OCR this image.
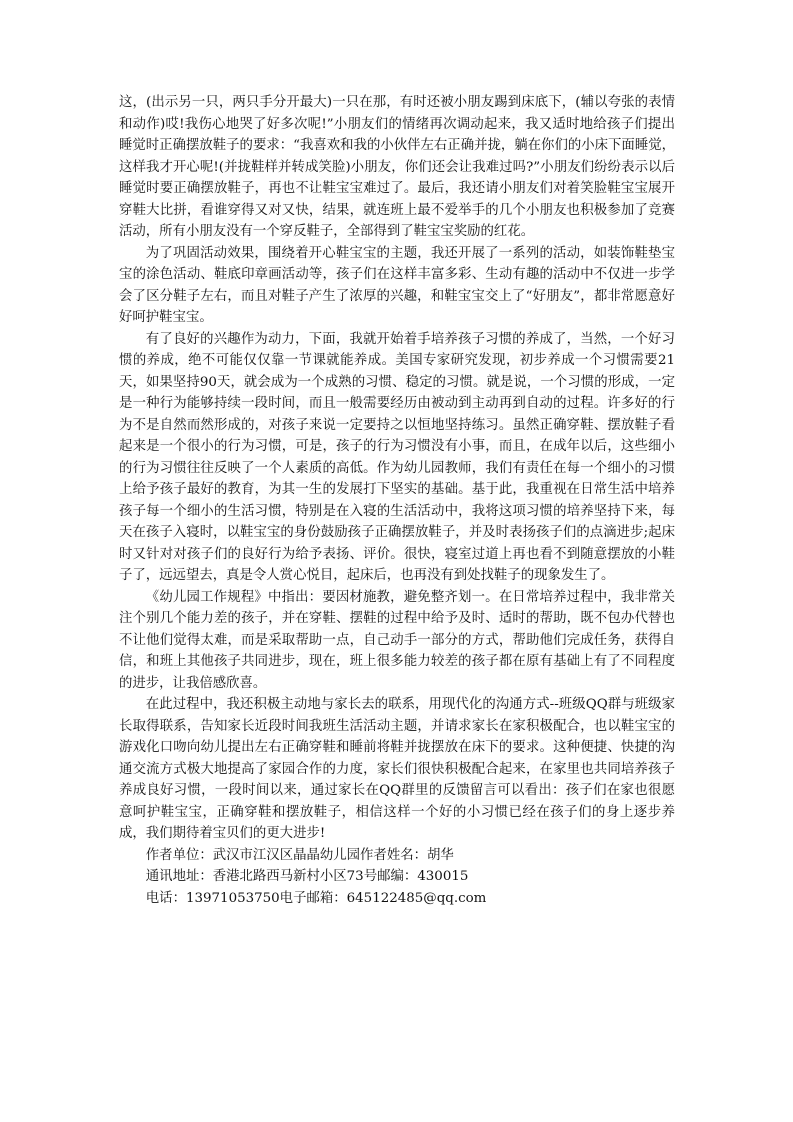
这，(出示另一只，两只手分开最大)一只在那，有时还被小朋友踢到床底下，(辅以夸张的表情和动作)哎!我伤心地哭了好多次呢!”小朋友们的情绪再次调动起来，我又适时地给孩子们提出睡觉时正确摆放鞋子的要求：“我喜欢和我的小伙伴左右正确并拢，躺在你们的小床下面睡觉，这样我才开心呢!(并拢鞋样并转成笑脸)小朋友，你们还会让我难过吗?”小朋友们纷纷表示以后睡觉时要正确摆放鞋子，再也不让鞋宝宝难过了。最后，我还请小朋友们对着笑脸鞋宝宝展开穿鞋大比拼，看谁穿得又对又快，结果，就连班上最不爱举手的几个小朋友也积极参加了竞赛活动，所有小朋友没有一个穿反鞋子，全部得到了鞋宝宝奖励的红花。

为了巩固活动效果，围绕着开心鞋宝宝的主题，我还开展了一系列的活动，如装饰鞋垫宝宝的涂色活动、鞋底印章画活动等，孩子们在这样丰富多彩、生动有趣的活动中不仅进一步学会了区分鞋子左右，而且对鞋子产生了浓厚的兴趣，和鞋宝宝交上了“好朋友”，都非常愿意好好呵护鞋宝宝。

有了良好的兴趣作为动力，下面，我就开始着手培养孩子习惯的养成了，当然，一个好习惯的养成，绝不可能仅仅靠一节课就能养成。美国专家研究发现，初步养成一个习惯需要21天，如果坚持90天，就会成为一个成熟的习惯、稳定的习惯。就是说，一个习惯的形成，一定是一种行为能够持续一段时间，而且一般需要经历由被动到主动再到自动的过程。许多好的行为不是自然而然形成的，对孩子来说一定要持之以恒地坚持练习。虽然正确穿鞋、摆放鞋子看起来是一个很小的行为习惯，可是，孩子的行为习惯没有小事，而且，在成年以后，这些细小的行为习惯往往反映了一个人素质的高低。作为幼儿园教师，我们有责任在每一个细小的习惯上给予孩子最好的教育，为其一生的发展打下坚实的基础。基于此，我重视在日常生活中培养孩子每一个细小的生活习惯，特别是在入寝的生活活动中，我将这项习惯的培养坚持下来，每天在孩子入寝时，以鞋宝宝的身份鼓励孩子正确摆放鞋子，并及时表扬孩子们的点滴进步;起床时又针对对孩子们的良好行为给予表扬、评价。很快，寝室过道上再也看不到随意摆放的小鞋子了，远远望去，真是令人赏心悦目，起床后，也再没有到处找鞋子的现象发生了。

《幼儿园工作规程》中指出：要因材施教，避免整齐划一。在日常培养过程中，我非常关注个别几个能力差的孩子，并在穿鞋、摆鞋的过程中给予及时、适时的帮助，既不包办代替也不让他们觉得太难，而是采取帮助一点，自己动手一部分的方式，帮助他们完成任务，获得自信，和班上其他孩子共同进步，现在，班上很多能力较差的孩子都在原有基础上有了不同程度的进步，让我倍感欣喜。

在此过程中，我还积极主动地与家长去的联系，用现代化的沟通方式--班级QQ群与班级家长取得联系，告知家长近段时间我班生活活动主题，并请求家长在家积极配合，也以鞋宝宝的游戏化口吻向幼儿提出左右正确穿鞋和睡前将鞋并拢摆放在床下的要求。这种便捷、快捷的沟通交流方式极大地提高了家园合作的力度，家长们很快积极配合起来，在家里也共同培养孩子养成良好习惯，一段时间以来，通过家长在QQ群里的反馈留言可以看出：孩子们在家也很愿意呵护鞋宝宝，正确穿鞋和摆放鞋子，相信这样一个好的小习惯已经在孩子们的身上逐步养成，我们期待着宝贝们的更大进步!

作者单位：武汉市江汉区晶晶幼儿园作者姓名：胡华

通讯地址：香港北路西马新村小区73号邮编：430015

电话：13971053750电子邮箱：645122485@qq.com
